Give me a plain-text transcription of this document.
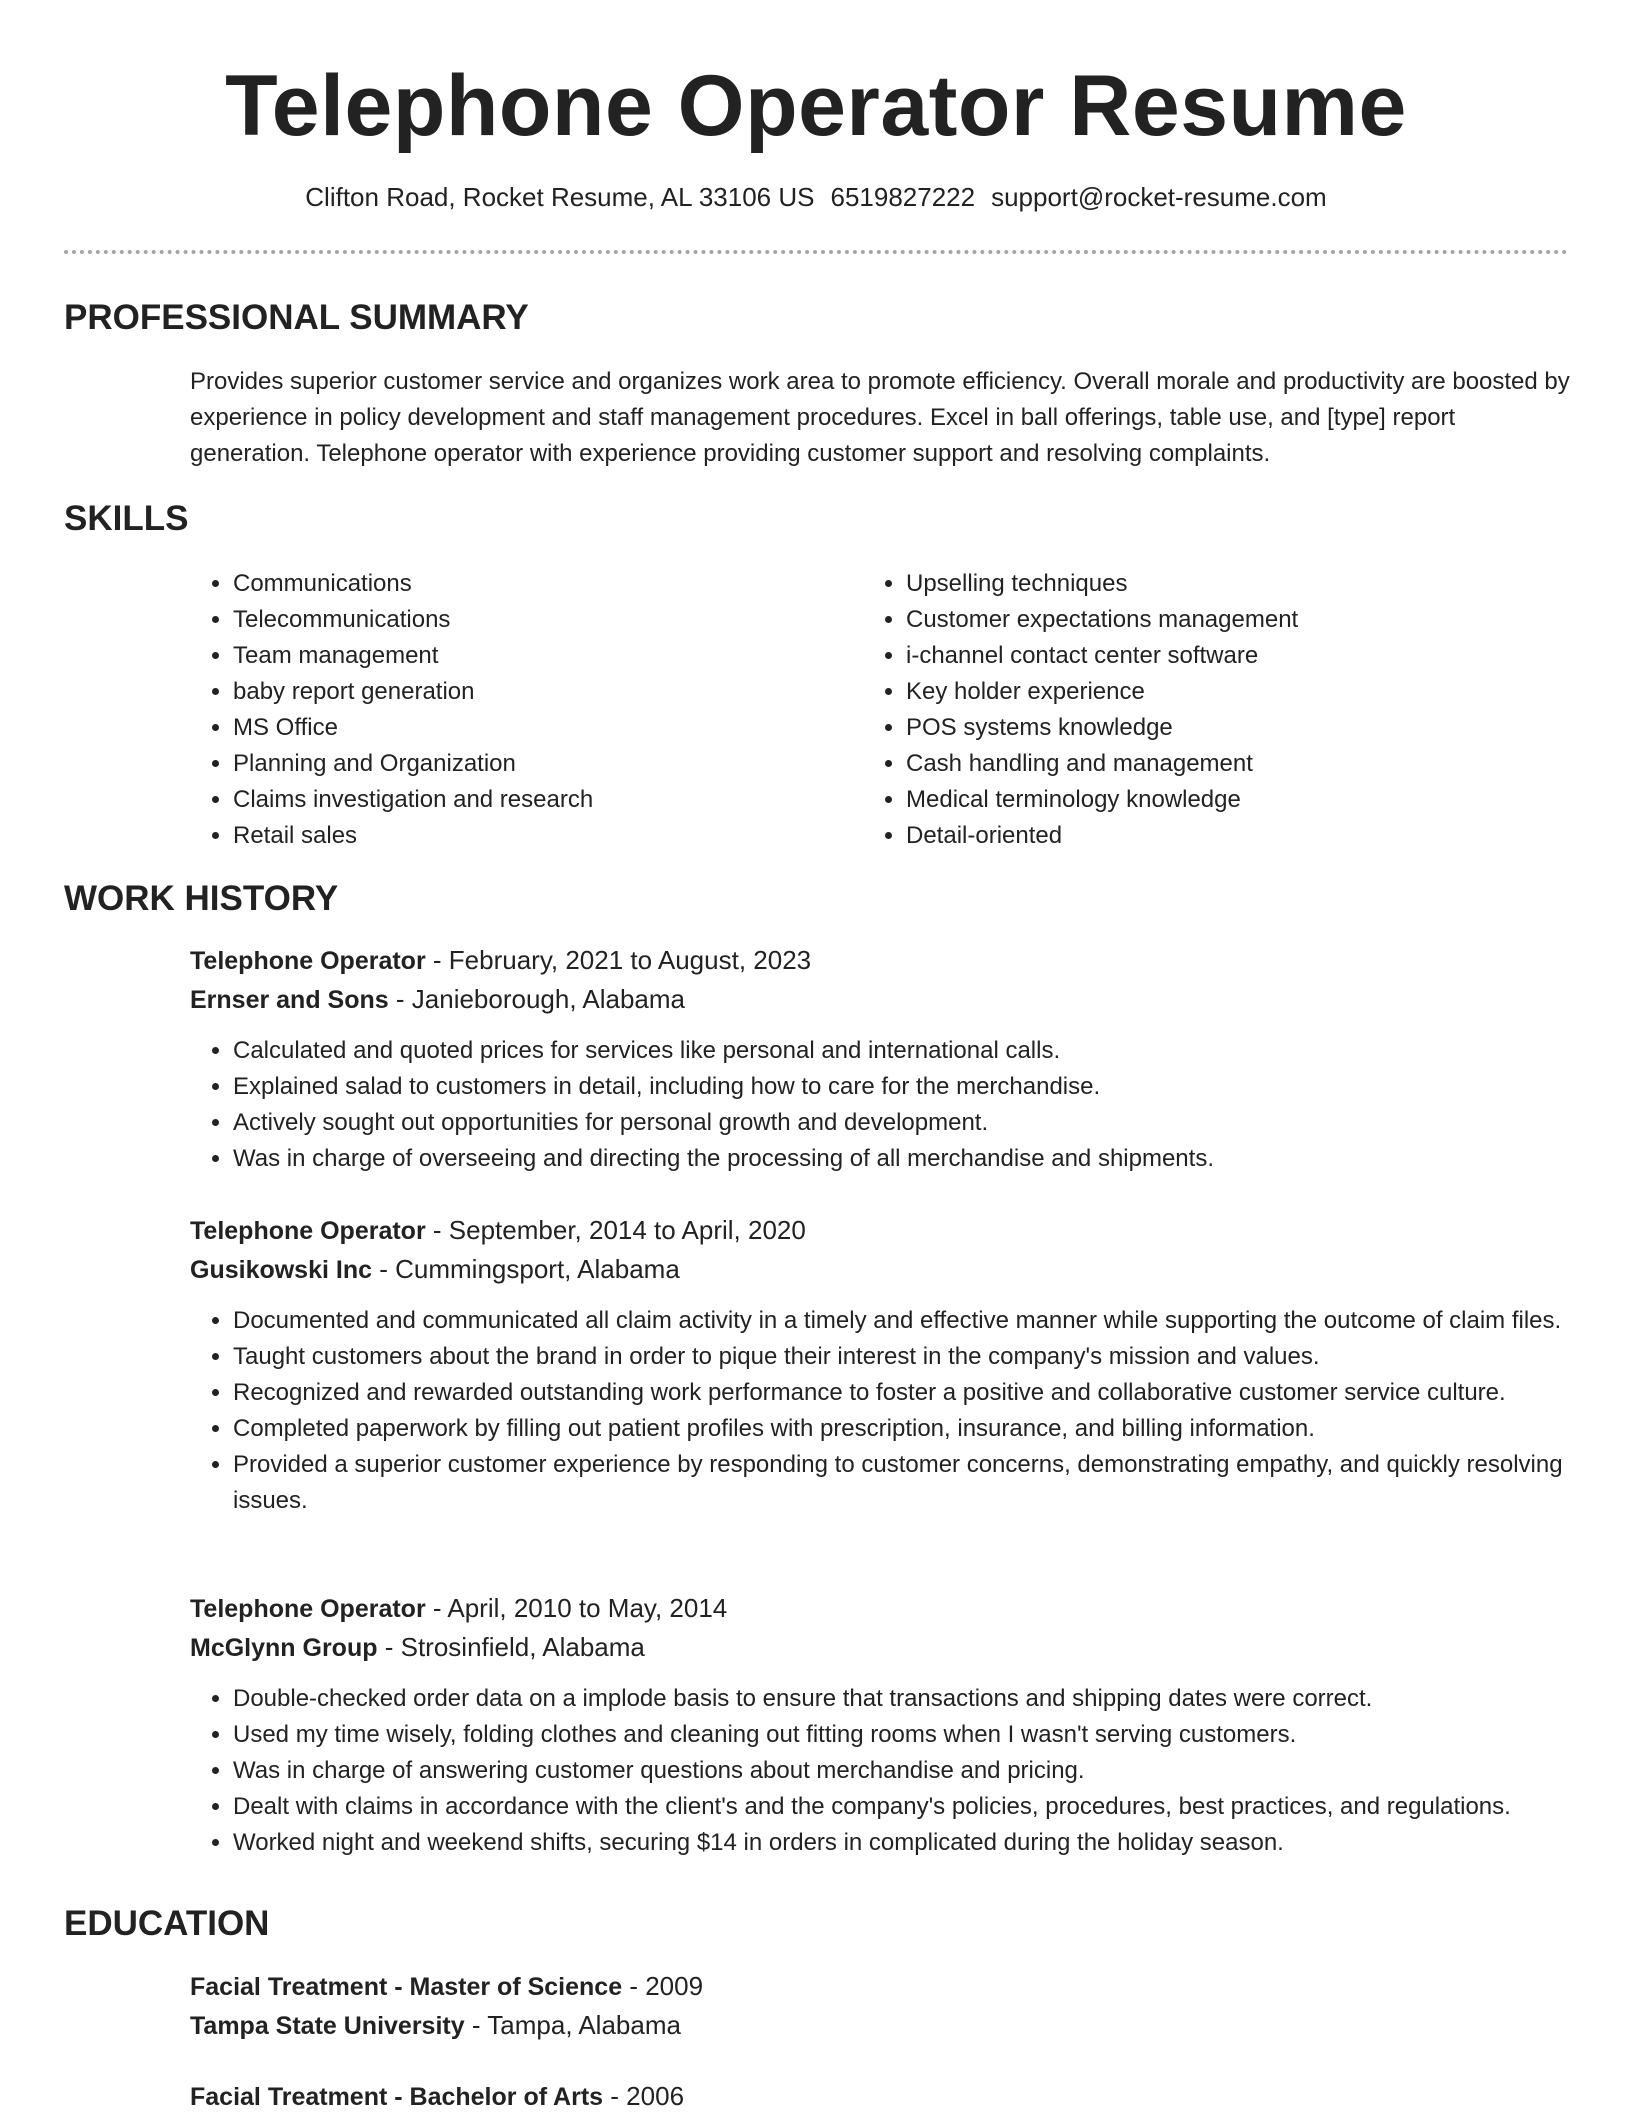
Telephone Operator Resume
Clifton Road, Rocket Resume, AL 33106 US 6519827222 support@rocket-resume.com
PROFESSIONAL SUMMARY
Provides superior customer service and organizes work area to promote efficiency. Overall morale and productivity are boosted by experience in policy development and staff management procedures. Excel in ball offerings, table use, and [type] report generation. Telephone operator with experience providing customer support and resolving complaints.
SKILLS
• Communications
• Telecommunications
• Team management
• baby report generation
• MS Office
• Planning and Organization
• Claims investigation and research
• Retail sales
• Upselling techniques
• Customer expectations management
• i-channel contact center software
• Key holder experience
• POS systems knowledge
• Cash handling and management
• Medical terminology knowledge
• Detail-oriented
WORK HISTORY
Telephone Operator - February, 2021 to August, 2023
Ernser and Sons - Janieborough, Alabama
• Calculated and quoted prices for services like personal and international calls.
• Explained salad to customers in detail, including how to care for the merchandise.
• Actively sought out opportunities for personal growth and development.
• Was in charge of overseeing and directing the processing of all merchandise and shipments.
Telephone Operator - September, 2014 to April, 2020
Gusikowski Inc - Cummingsport, Alabama
• Documented and communicated all claim activity in a timely and effective manner while supporting the outcome of claim files.
• Taught customers about the brand in order to pique their interest in the company's mission and values.
• Recognized and rewarded outstanding work performance to foster a positive and collaborative customer service culture.
• Completed paperwork by filling out patient profiles with prescription, insurance, and billing information.
• Provided a superior customer experience by responding to customer concerns, demonstrating empathy, and quickly resolving issues.
Telephone Operator - April, 2010 to May, 2014
McGlynn Group - Strosinfield, Alabama
• Double-checked order data on a implode basis to ensure that transactions and shipping dates were correct.
• Used my time wisely, folding clothes and cleaning out fitting rooms when I wasn't serving customers.
• Was in charge of answering customer questions about merchandise and pricing.
• Dealt with claims in accordance with the client's and the company's policies, procedures, best practices, and regulations.
• Worked night and weekend shifts, securing $14 in orders in complicated during the holiday season.
EDUCATION
Facial Treatment - Master of Science - 2009
Tampa State University - Tampa, Alabama
Facial Treatment - Bachelor of Arts - 2006
